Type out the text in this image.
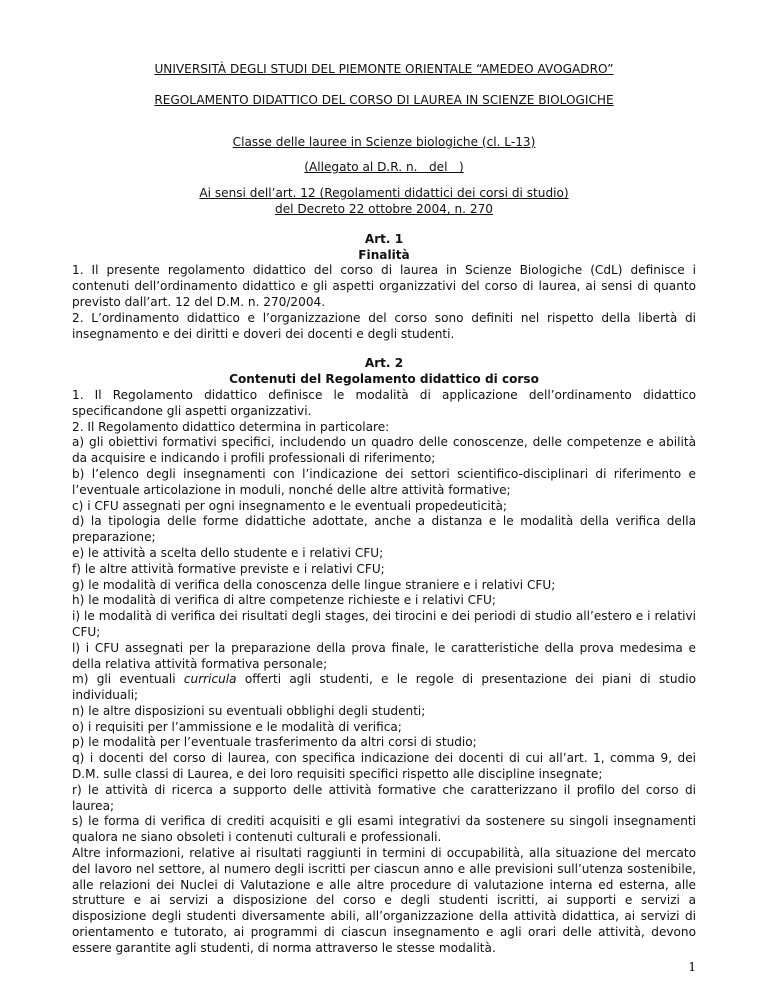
UNIVERSITÀ DEGLI STUDI DEL PIEMONTE ORIENTALE “AMEDEO AVOGADRO”
REGOLAMENTO DIDATTICO DEL CORSO DI LAUREA IN SCIENZE BIOLOGICHE
Classe delle lauree in Scienze biologiche (cl. L-13)
(Allegato al D.R. n.   del   )
Ai sensi dell’art. 12 (Regolamenti didattici dei corsi di studio)
del Decreto 22 ottobre 2004, n. 270
Art. 1
Finalità

1. Il presente regolamento didattico del corso di laurea in Scienze Biologiche (CdL) definisce i contenuti dell’ordinamento didattico e gli aspetti organizzativi del corso di laurea, ai sensi di quanto previsto dall’art. 12 del D.M. n. 270/2004.

2. L’ordinamento didattico e l’organizzazione del corso sono definiti nel rispetto della libertà di insegnamento e dei diritti e doveri dei docenti e degli studenti.

Art. 2
Contenuti del Regolamento didattico di corso

1. Il Regolamento didattico definisce le modalità di applicazione dell’ordinamento didattico specificandone gli aspetti organizzativi.

2. Il Regolamento didattico determina in particolare:

a) gli obiettivi formativi specifici, includendo un quadro delle conoscenze, delle competenze e abilità da acquisire e indicando i profili professionali di riferimento;

b) l’elenco degli insegnamenti con l’indicazione dei settori scientifico-disciplinari di riferimento e l’eventuale articolazione in moduli, nonché delle altre attività formative;

c) i CFU assegnati per ogni insegnamento e le eventuali propedeuticità;

d) la tipologia delle forme didattiche adottate, anche a distanza e le modalità della verifica della preparazione;

e) le attività a scelta dello studente e i relativi CFU;

f) le altre attività formative previste e i relativi CFU;

g) le modalità di verifica della conoscenza delle lingue straniere e i relativi CFU;

h) le modalità di verifica di altre competenze richieste e i relativi CFU;

i) le modalità di verifica dei risultati degli stages, dei tirocini e dei periodi di studio all’estero e i relativi CFU;

l) i CFU assegnati per la preparazione della prova finale, le caratteristiche della prova medesima e della relativa attività formativa personale;

m) gli eventuali curricula offerti agli studenti, e le regole di presentazione dei piani di studio individuali;

n) le altre disposizioni su eventuali obblighi degli studenti;

o) i requisiti per l’ammissione e le modalità di verifica;

p) le modalità per l’eventuale trasferimento da altri corsi di studio;

q) i docenti del corso di laurea, con specifica indicazione dei docenti di cui all’art. 1, comma 9, dei D.M. sulle classi di Laurea, e dei loro requisiti specifici rispetto alle discipline insegnate;

r) le attività di ricerca a supporto delle attività formative che caratterizzano il profilo del corso di laurea;

s) le forma di verifica di crediti acquisiti e gli esami integrativi da sostenere su singoli insegnamenti qualora ne siano obsoleti i contenuti culturali e professionali.

Altre informazioni, relative ai risultati raggiunti in termini di occupabilità, alla situazione del mercato del lavoro nel settore, al numero degli iscritti per ciascun anno e alle previsioni sull’utenza sostenibile, alle relazioni dei Nuclei di Valutazione e alle altre procedure di valutazione interna ed esterna, alle strutture e ai servizi a disposizione del corso e degli studenti iscritti, ai supporti e servizi a disposizione degli studenti diversamente abili, all’organizzazione della attività didattica, ai servizi di orientamento e tutorato, ai programmi di ciascun insegnamento e agli orari delle attività, devono essere garantite agli studenti, di norma attraverso le stesse modalità.

1
